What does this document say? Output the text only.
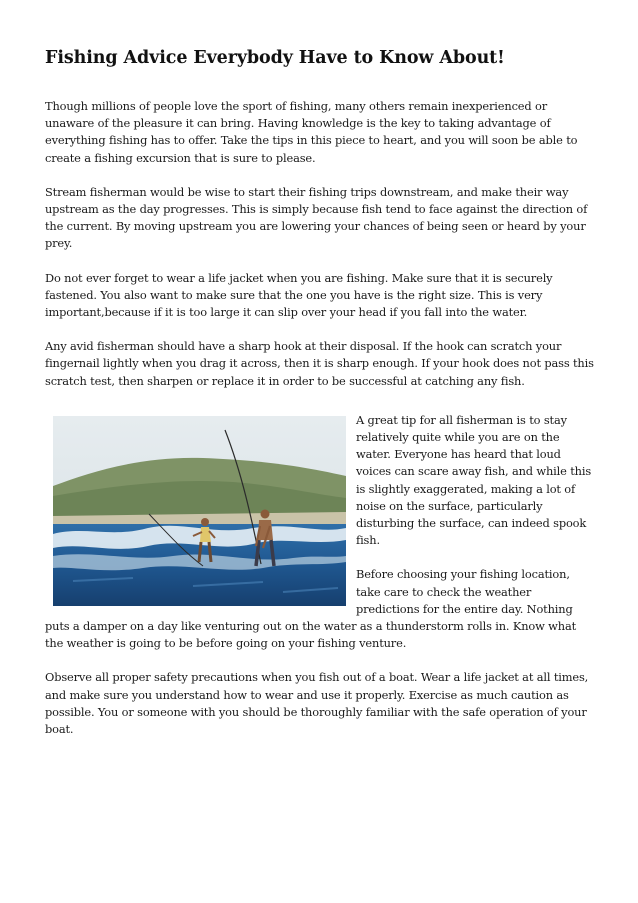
Fishing Advice Everybody Have to Know About!

Though millions of people love the sport of fishing, many others remain inexperienced or unaware of the pleasure it can bring. Having knowledge is the key to taking advantage of everything fishing has to offer. Take the tips in this piece to heart, and you will soon be able to create a fishing excursion that is sure to please.

Stream fisherman would be wise to start their fishing trips downstream, and make their way upstream as the day progresses. This is simply because fish tend to face against the direction of the current. By moving upstream you are lowering your chances of being seen or heard by your prey.

Do not ever forget to wear a life jacket when you are fishing. Make sure that it is securely fastened. You also want to make sure that the one you have is the right size. This is very important,because if it is too large it can slip over your head if you fall into the water.

Any avid fisherman should have a sharp hook at their disposal. If the hook can scratch your fingernail lightly when you drag it across, then it is sharp enough. If your hook does not pass this scratch test, then sharpen or replace it in order to be successful at catching any fish.

A great tip for all fisherman is to stay relatively quite while you are on the water. Everyone has heard that loud voices can scare away fish, and while this is slightly exaggerated, making a lot of noise on the surface, particularly disturbing the surface, can indeed spook fish.

Before choosing your fishing location, take care to check the weather predictions for the entire day. Nothing puts a damper on a day like venturing out on the water as a thunderstorm rolls in. Know what the weather is going to be before going on your fishing venture.

Observe all proper safety precautions when you fish out of a boat. Wear a life jacket at all times, and make sure you understand how to wear and use it properly. Exercise as much caution as possible. You or someone with you should be thoroughly familiar with the safe operation of your boat.
